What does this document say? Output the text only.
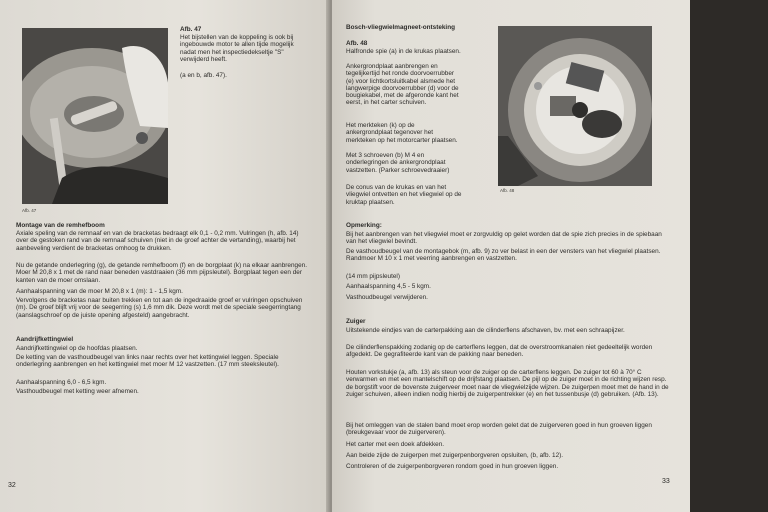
Afb. 47
Afb. 47
Het bijstellen van de koppeling is ook bij ingebouwde motor te allen tijde mogelijk nadat men het inspectiedekseltje "S" verwijderd heeft.
(a en b, afb. 47).
Montage van de remhefboom
Axiale speling van de remnaaf en van de bracketas bedraagt elk 0,1 - 0,2 mm. Vulringen (h, afb. 14) over de gestoken rand van de remnaaf schuiven (niet in de groef achter de vertanding), waarbij het aanbeveling verdient de bracketas omhoog te drukken.
Nu de getande onderlegring (g), de getande remhefboom (f) en de borgplaat (k) na elkaar aanbrengen. Moer M 20,8 x 1 met de rand naar beneden vastdraaien (36 mm pijpsleutel). Borgplaat tegen een der kanten van de moer omslaan.
Aanhaalspanning van de moer M 20,8 x 1 (m): 1 - 1,5 kgm.
Vervolgens de bracketas naar buiten trekken en tot aan de ingedraaide groef er vulringen opschuiven (m). De groef blijft vrij voor de seegerring (s) 1,6 mm dik. Deze wordt met de speciale seegerringtang (aanslagschroef op de juiste opening afgesteld) aangebracht.
Aandrijfkettingwiel
Aandrijfkettingwiel op de hoofdas plaatsen.
De ketting van de vasthoudbeugel van links naar rechts over het kettingwiel leggen. Speciale onderlegring aanbrengen en het kettingwiel met moer M 12 vastzetten. (17 mm steeksleutel).
Aanhaalspanning 6,0 - 6,5 kgm.
Vasthoudbeugel met ketting weer afnemen.
32
Bosch-vliegwielmagneet-ontsteking
Afb. 48
Halfronde spie (a) in de krukas plaatsen.
Ankergrondplaat aanbrengen en tegelijkertijd het ronde doorvoerrubber (e) voor lichtkortsluitkabel alsmede het langwerpige doorvoerrubber (d) voor de bougiekabel, met de afgeronde kant het eerst, in het carter schuiven.
Het merkteken (k) op de ankergrondplaat tegenover het merkteken op het motorcarter plaatsen.
Met 3 schroeven (b) M 4 en onderlegringen de ankergrondplaat vastzetten. (Parker schroevedraaier)
De conus van de krukas en van het vliegwiel ontvetten en het vliegwiel op de kruktap plaatsen.
Afb. 48
Opmerking:
Bij het aanbrengen van het vliegwiel moet er zorgvuldig op gelet worden dat de spie zich precies in de spiebaan van het vliegwiel bevindt.
De vasthoudbeugel van de montagebok (m, afb. 9) zo ver belast in een der vensters van het vliegwiel plaatsen. Randmoer M 10 x 1 met veerring aanbrengen en vastzetten.
(14 mm pijpsleutel)
Aanhaalspanning 4,5 - 5 kgm.
Vasthoudbeugel verwijderen.
Zuiger
Uitstekende eindjes van de carterpakking aan de cilinderflens afschaven, bv. met een schraapijzer.
De cilinderflenspakking zodanig op de carterflens leggen, dat de overstroomkanalen niet gedeeltelijk worden afgedekt. De gegrafiteerde kant van de pakking naar beneden.
Houten vorkstukje (a, afb. 13) als steun voor de zuiger op de carterflens leggen. De zuiger tot 60 à 70° C verwarmen en met een mantelschift op de drijfstang plaatsen. De pijl op de zuiger moet in de richting wijzen resp. de borgstift voor de bovenste zuigerveer moet naar de vliegwielzijde wijzen. De zuigerpen moet met de hand in de zuiger schuiven, alleen indien nodig hierbij de zuigerpentrekker (e) en het tussenbusje (d) gebruiken. (Afb. 13).
Bij het omleggen van de stalen band moet erop worden gelet dat de zuigerveren goed in hun groeven liggen (breukgevaar voor de zuigerveren).
Het carter met een doek afdekken.
Aan beide zijde de zuigerpen met zuigerpenborgveren opsluiten, (b, afb. 12).
Controleren of de zuigerpenborgveren rondom goed in hun groeven liggen.
33
